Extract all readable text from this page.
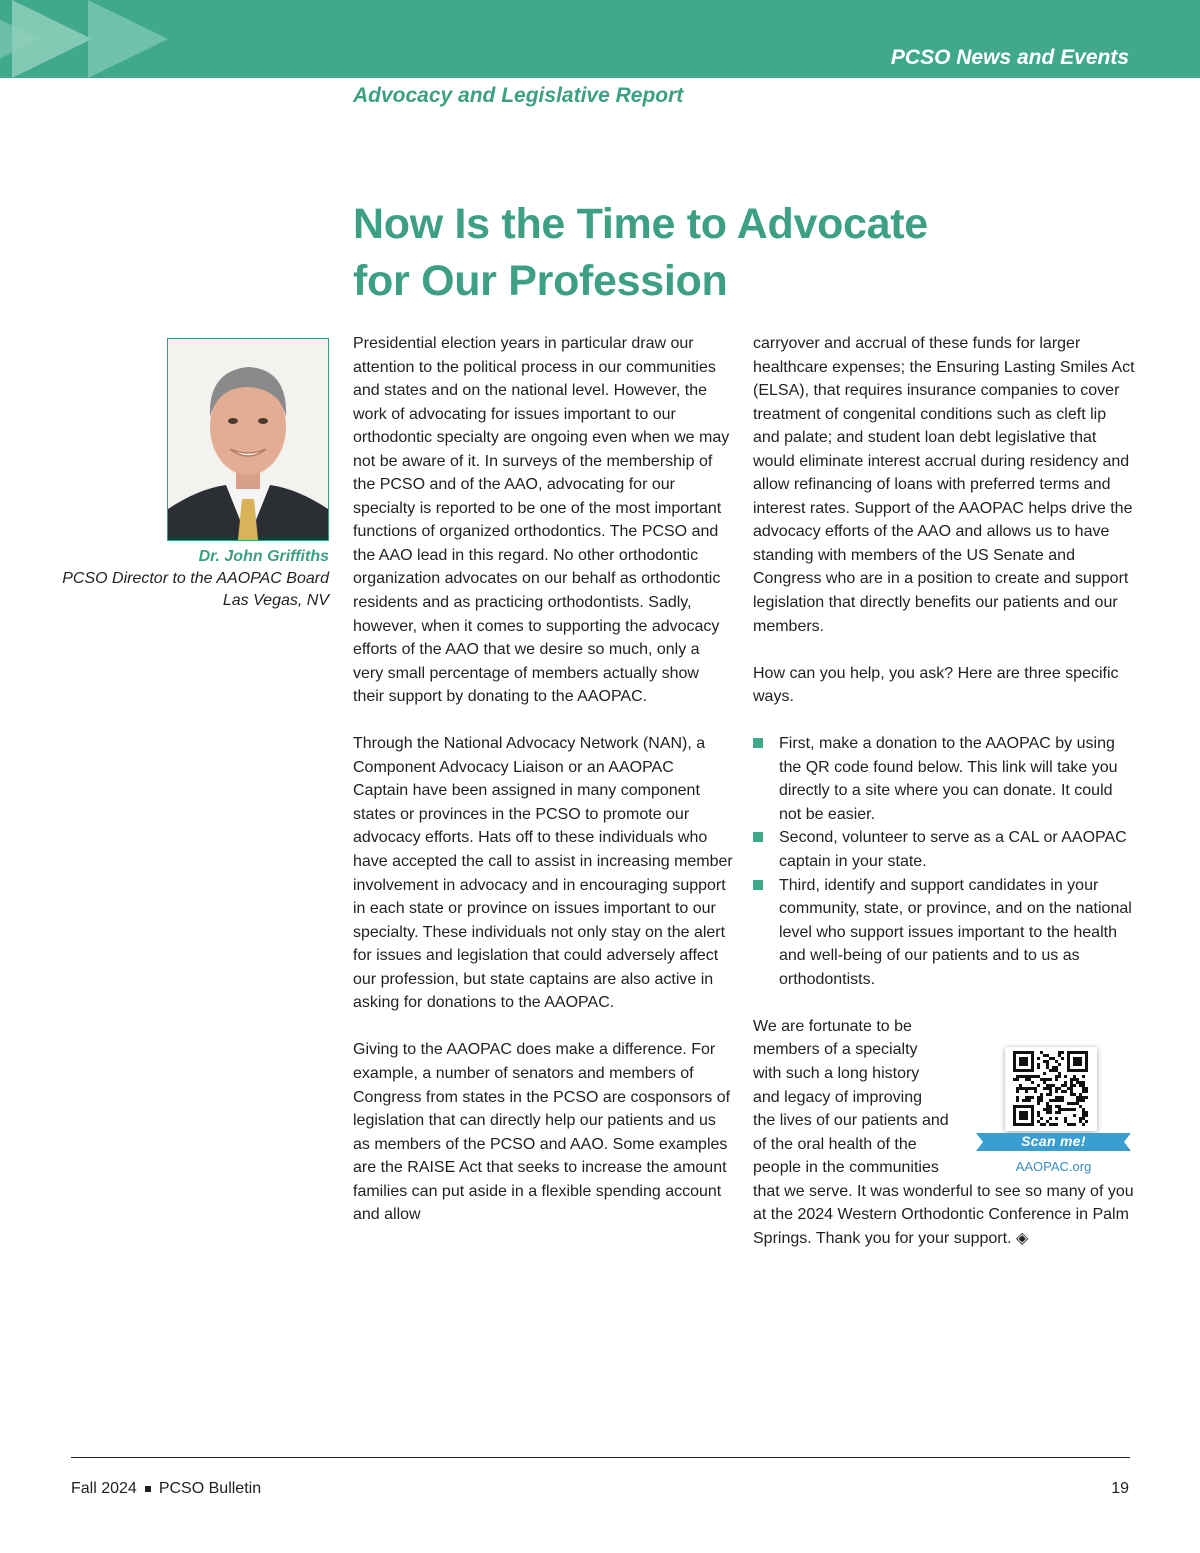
PCSO News and Events
Advocacy and Legislative Report
Now Is the Time to Advocate
for Our Profession
Dr. John Griffiths
PCSO Director to the AAOPAC Board
Las Vegas, NV

Presidential election years in particular draw our attention to the political process in our communities and states and on the national level. However, the work of advocating for issues important to our orthodontic specialty are ongoing even when we may not be aware of it. In surveys of the membership of the PCSO and of the AAO, advocating for our specialty is reported to be one of the most important functions of organized orthodontics. The PCSO and the AAO lead in this regard. No other orthodontic organization advocates on our behalf as orthodontic residents and as practicing orthodontists. Sadly, however, when it comes to supporting the advocacy efforts of the AAO that we desire so much, only a very small percentage of members actually show their support by donating to the AAOPAC.

Through the National Advocacy Network (NAN), a Component Advocacy Liaison or an AAOPAC Captain have been assigned in many component states or provinces in the PCSO to promote our advocacy efforts. Hats off to these individuals who have accepted the call to assist in increasing member involvement in advocacy and in encouraging support in each state or province on issues important to our specialty. These individuals not only stay on the alert for issues and legislation that could adversely affect our profession, but state captains are also active in asking for donations to the AAOPAC.

Giving to the AAOPAC does make a difference. For example, a number of senators and members of Congress from states in the PCSO are cosponsors of legislation that can directly help our patients and us as members of the PCSO and AAO. Some examples are the RAISE Act that seeks to increase the amount families can put aside in a flexible spending account and allow

carryover and accrual of these funds for larger healthcare expenses; the Ensuring Lasting Smiles Act (ELSA), that requires insurance companies to cover treatment of congenital conditions such as cleft lip and palate; and student loan debt legislative that would eliminate interest accrual during residency and allow refinancing of loans with preferred terms and interest rates. Support of the AAOPAC helps drive the advocacy efforts of the AAO and allows us to have standing with members of the US Senate and Congress who are in a position to create and support legislation that directly benefits our patients and our members.

How can you help, you ask? Here are three specific ways.

First, make a donation to the AAOPAC by using the QR code found below. This link will take you directly to a site where you can donate. It could not be easier.
Second, volunteer to serve as a CAL or AAOPAC captain in your state.
Third, identify and support candidates in your community, state, or province, and on the national level who support issues important to the health and well-being of our patients and to us as orthodontists.

We are fortunate to be
members of a specialty
with such a long history
and legacy of improving
the lives of our patients and
of the oral health of the
people in the communities
that we serve. It was wonderful to see so many of you at the 2024 Western Orthodontic Conference in Palm Springs. Thank you for your support. ◈

Scan me!
AAOPAC.org
Fall 2024 PCSO Bulletin	19
